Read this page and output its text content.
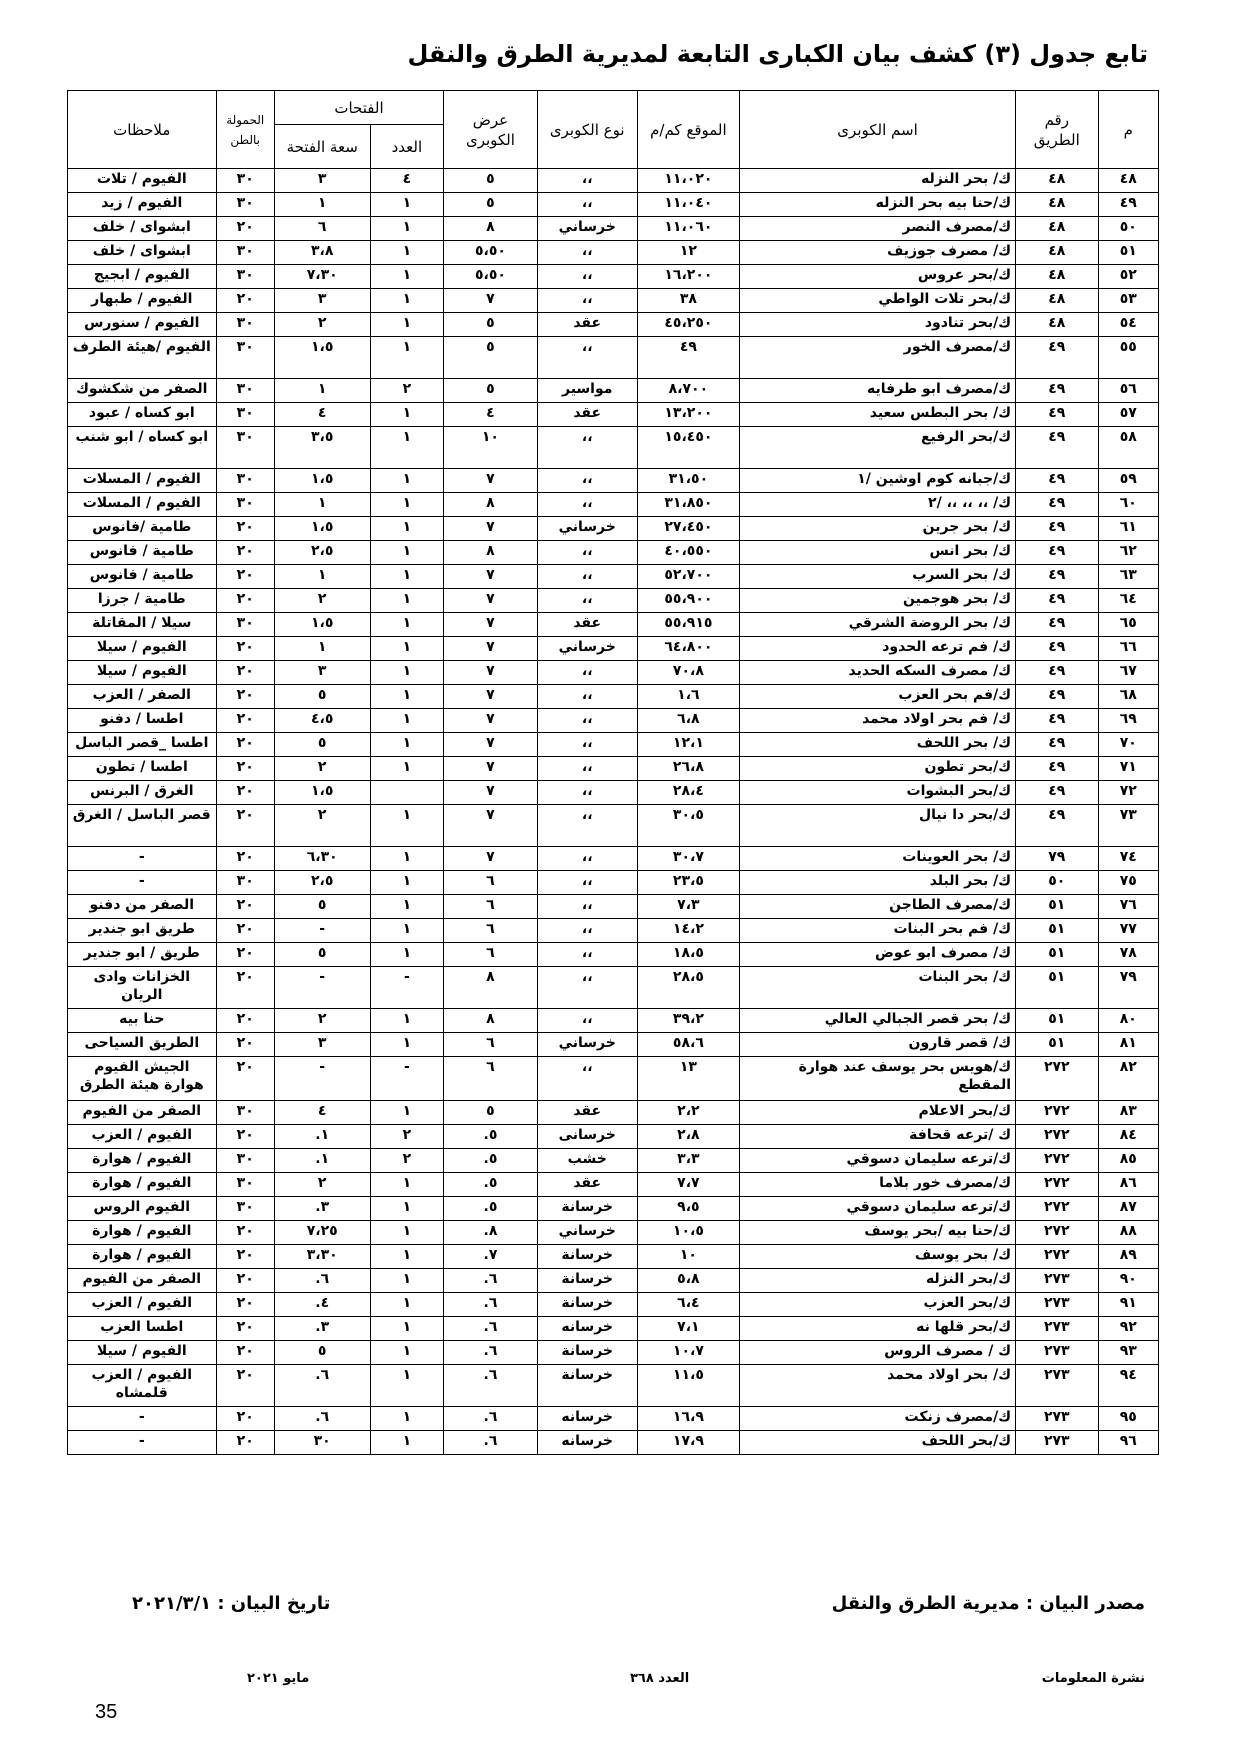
تابع جدول (٣) كشف بيان الكبارى التابعة لمديرية الطرق والنقل
م	رقم الطريق	اسم الكوبرى	الموقع كم/م	نوع الكوبرى	عرض الكوبرى	الفتحات		الحمولة بالطن	ملاحظات
						العدد	سعة الفتحة		
٤٨	٤٨	ك/ بحر النزله	١١،٠٢٠	،،	٥	٤	٣	٣٠	الفيوم / تلات
٤٩	٤٨	ك/حنا بيه بحر النزله	١١،٠٤٠	،،	٥	١	١	٣٠	الفيوم / زيد
٥٠	٤٨	ك/مصرف النصر	١١،٠٦٠	خرساني	٨	١	٦	٢٠	ابشواى / خلف
٥١	٤٨	ك/ مصرف جوزيف	١٢	،،	٥،٥٠	١	٣،٨	٣٠	ابشواى / خلف
٥٢	٤٨	ك/بحر عروس	١٦،٢٠٠	،،	٥،٥٠	١	٧،٣٠	٣٠	الفيوم / ابجيج
٥٣	٤٨	ك/بحر تلات الواطي	٣٨	،،	٧	١	٣	٢٠	الفيوم / طبهار
٥٤	٤٨	ك/بحر تنادود	٤٥،٢٥٠	عقد	٥	١	٢	٣٠	الفيوم / سنورس
٥٥	٤٩	ك/مصرف الخور	٤٩	،،	٥	١	١،٥	٣٠	الفيوم /هيئة الطرف
٥٦	٤٩	ك/مصرف ابو طرفايه	٨،٧٠٠	مواسير	٥	٢	١	٣٠	الصفر من شكشوك
٥٧	٤٩	ك/ بحر البطس سعيد	١٣،٢٠٠	عقد	٤	١	٤	٣٠	ابو كساه / عبود
٥٨	٤٩	ك/بحر الرفيع	١٥،٤٥٠	،،	١٠	١	٣،٥	٣٠	ابو كساه / ابو شنب
٥٩	٤٩	ك/جبانه كوم اوشين /١	٣١،٥٠	،،	٧	١	١،٥	٣٠	الفيوم / المسلات
٦٠	٤٩	ك/ ،، ،، ،، /٢	٣١،٨٥٠	،،	٨	١	١	٣٠	الفيوم / المسلات
٦١	٤٩	ك/ بحر جرين	٢٧،٤٥٠	خرساني	٧	١	١،٥	٢٠	طامية /فانوس
٦٢	٤٩	ك/ بحر انس	٤٠،٥٥٠	،،	٨	١	٢،٥	٢٠	طامية / فانوس
٦٣	٤٩	ك/ بحر السرب	٥٢،٧٠٠	،،	٧	١	١	٢٠	طامية / فانوس
٦٤	٤٩	ك/ بحر هوجمين	٥٥،٩٠٠	،،	٧	١	٢	٢٠	طامية / جرزا
٦٥	٤٩	ك/ بحر الروضة الشرقي	٥٥،٩١٥	عقد	٧	١	١،٥	٣٠	سيلا / المقاتلة
٦٦	٤٩	ك/ فم ترعه الحدود	٦٤،٨٠٠	خرساني	٧	١	١	٢٠	الفيوم / سيلا
٦٧	٤٩	ك/ مصرف السكه الحديد	٧٠،٨	،،	٧	١	٣	٢٠	الفيوم / سيلا
٦٨	٤٩	ك/فم بحر العزب	١،٦	،،	٧	١	٥	٢٠	الصفر / العزب
٦٩	٤٩	ك/ فم بحر اولاد محمد	٦،٨	،،	٧	١	٤،٥	٢٠	اطسا / دفنو
٧٠	٤٩	ك/ بحر اللحف	١٢،١	،،	٧	١	٥	٢٠	اطسا _قصر الباسل
٧١	٤٩	ك/بحر تطون	٢٦،٨	،،	٧	١	٢	٢٠	اطسا / تطون
٧٢	٤٩	ك/بحر البشوات	٢٨،٤	،،	٧		١،٥	٢٠	الغرق / البرنس
٧٣	٤٩	ك/بحر دا نيال	٣٠،٥	،،	٧	١	٢	٢٠	قصر الباسل / الغرق
٧٤	٧٩	ك/ بحر العوينات	٣٠،٧	،،	٧	١	٦،٣٠	٢٠	-
٧٥	٥٠	ك/ بحر البلد	٢٣،٥	،،	٦	١	٢،٥	٣٠	-
٧٦	٥١	ك/مصرف الطاجن	٧،٣	،،	٦	١	٥	٢٠	الصفر من دفنو
٧٧	٥١	ك/ فم بحر البنات	١٤،٢	،،	٦	١	-	٢٠	طريق ابو جندير
٧٨	٥١	ك/ مصرف ابو عوض	١٨،٥	،،	٦	١	٥	٢٠	طريق / ابو جندير
٧٩	٥١	ك/ بحر البنات	٢٨،٥	،،	٨	-	-	٢٠	الخزانات وادى الريان
٨٠	٥١	ك/ بحر قصر الجبالي العالي	٣٩،٢	،،	٨	١	٢	٢٠	حنا بيه
٨١	٥١	ك/ قصر قارون	٥٨،٦	خرساني	٦	١	٣	٢٠	الطريق السياحى
٨٢	٢٧٢	ك/هويس بحر يوسف عند هوارة المقطع	١٣	،،	٦	-	-	٢٠	الجيش الفيوم هوارة هيئة الطرق
٨٣	٢٧٢	ك/بحر الاعلام	٢،٢	عقد	٥	١	٤	٣٠	الصفر من الفيوم
٨٤	٢٧٢	ك /ترعه قحافة	٢،٨	خرسانى	٥.	٢	١.	٢٠	الفيوم / العزب
٨٥	٢٧٢	ك/ترعه سليمان دسوقي	٣،٣	خشب	٥.	٢	١.	٣٠	الفيوم / هوارة
٨٦	٢٧٢	ك/مصرف خور بلاما	٧،٧	عقد	٥.	١	٢	٣٠	الفيوم / هوارة
٨٧	٢٧٢	ك/ترعه سليمان دسوقي	٩،٥	خرسانة	٥.	١	٣.	٣٠	الفيوم الروس
٨٨	٢٧٢	ك/حنا بيه /بحر يوسف	١٠،٥	خرساني	٨.	١	٧،٢٥	٢٠	الفيوم / هوارة
٨٩	٢٧٢	ك/ بحر يوسف	١٠	خرسانة	٧.	١	٣،٣٠	٢٠	الفيوم / هوارة
٩٠	٢٧٣	ك/بحر النزله	٥،٨	خرسانة	٦.	١	٦.	٢٠	الصفر من الفيوم
٩١	٢٧٣	ك/بحر العزب	٦،٤	خرسانة	٦.	١	٤.	٢٠	الفيوم / العزب
٩٢	٢٧٣	ك/بحر قلها نه	٧،١	خرسانه	٦.	١	٣.	٢٠	اطسا العزب
٩٣	٢٧٣	ك / مصرف الروس	١٠،٧	خرسانة	٦.	١	٥	٢٠	الفيوم / سيلا
٩٤	٢٧٣	ك/ بحر اولاد محمد	١١،٥	خرسانة	٦.	١	٦.	٢٠	الفيوم / العزب قلمشاه
٩٥	٢٧٣	ك/مصرف زنكت	١٦،٩	خرسانه	٦.	١	٦.	٢٠	-
٩٦	٢٧٣	ك/بحر اللحف	١٧،٩	خرسانه	٦.	١	٣٠	٢٠	-
مصدر البيان : مديرية الطرق والنقل
تاريخ البيان : ٢٠٢١/٣/١
نشرة المعلومات
العدد ٣٦٨
مايو ٢٠٢١
35
